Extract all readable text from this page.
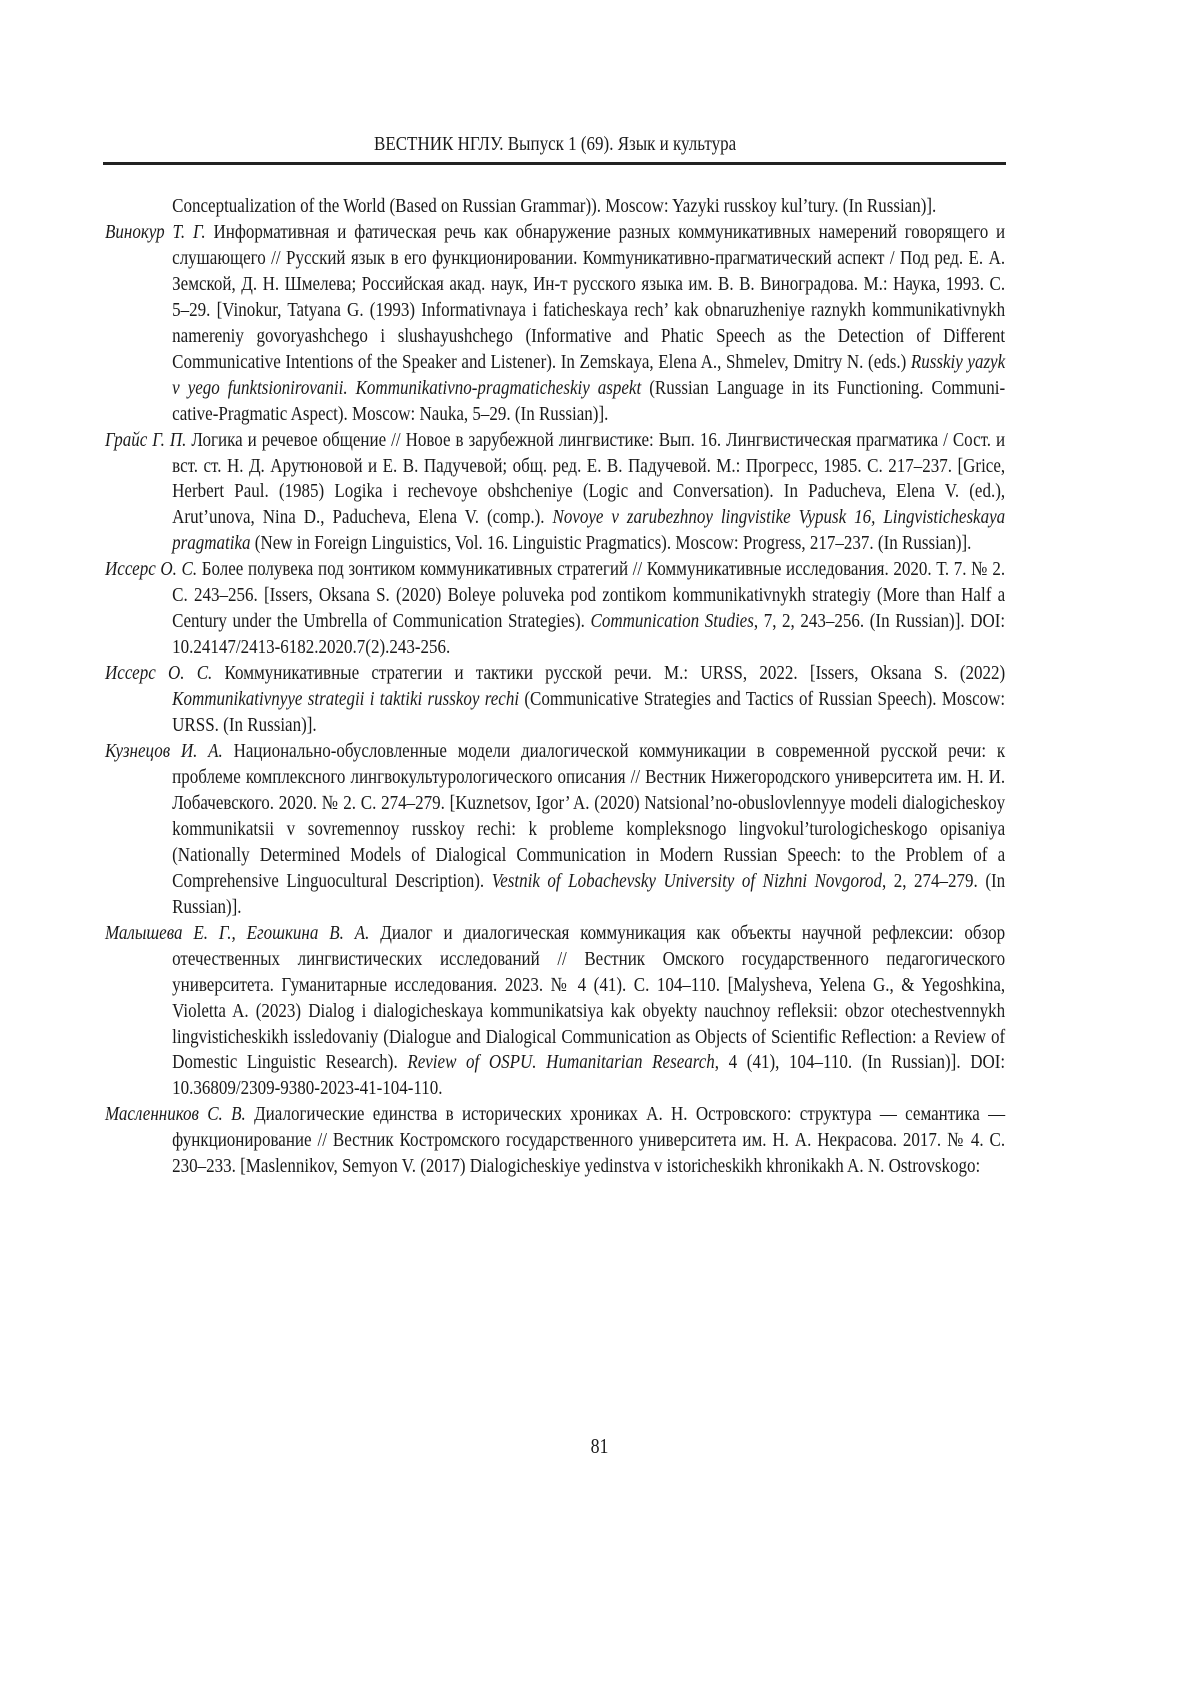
ВЕСТНИК НГЛУ. Выпуск 1 (69). Язык и культура

Conceptualization of the World (Based on Russian Grammar)). Moscow: Yazyki russkoy kul’tury. (In Russian)].

Винокур Т. Г. Информативная и фатическая речь как обнаружение разных коммуникативных намерений говорящего и слушающего // Русский язык в его функционировании. Ком­mуникативно-прагматический аспект / Под ред. Е. А. Земской, Д. Н. Шмелева; Россий­ская акад. наук, Ин-т русского языка им. В. В. Виноградова. М.: Наука, 1993. С. 5–29. [Vinokur, Tatyana G. (1993) Informativnaya i faticheskaya rech’ kak obnaruzheniye raznykh kommunikativnykh namereniy govoryashchego i slushayushchego (Informative and Phatic Speech as the Detection of Different Communicative Intentions of the Speaker and Listener). In Zemskaya, Elena A., Shmelev, Dmitry N. (eds.) Russkiy yazyk v yego funktsionirovanii. Kommunikativno-pragmaticheskiy aspekt (Russian Language in its Functioning. Communi­cative-Pragmatic Aspect). Moscow: Nauka, 5–29. (In Russian)].

Грайс Г. П. Логика и речевое общение // Новое в зарубежной лингвистике: Вып. 16. Лингви­стическая прагматика / Сост. и вст. ст. Н. Д. Арутюновой и Е. В. Падучевой; общ. ред. Е. В. Падучевой. М.: Прогресс, 1985. С. 217–237. [Grice, Herbert Paul. (1985) Logika i rechevoye obshcheniye (Logic and Conversation). In Paducheva, Elena V. (ed.), Arut’unova, Nina D., Paducheva, Elena V. (comp.). Novoye v zarubezhnoy lingvistike Vypusk 16, Lingvisticheskaya pragmatika (New in Foreign Linguistics, Vol. 16. Linguistic Pragmatics). Moscow: Progress, 217–237. (In Russian)].

Иссерс О. С. Более полувека под зонтиком коммуникативных стратегий // Коммуникативные исследования. 2020. Т. 7. № 2. С. 243–256. [Issers, Oksana S. (2020) Boleye poluveka pod zontikom kommunikativnykh strategiy (More than Half a Century under the Umbrella of Communication Strategies). Communication Studies, 7, 2, 243–256. (In Russian)]. DOI: 10.24147/2413-6182.2020.7(2).243-256.

Иссерс О. С. Коммуникативные стратегии и тактики русской речи. М.: URSS, 2022. [Issers, Oksana S. (2022) Kommunikativnyye strategii i taktiki russkoy rechi (Communicative Strate­gies and Tactics of Russian Speech). Moscow: URSS. (In Russian)].

Кузнецов И. А. Национально-обусловленные модели диалогической коммуникации в совре­менной русской речи: к проблеме комплексного лингвокультурологического описа­ния // Вестник Нижегородского университета им. Н. И. Лобачевского. 2020. № 2. С. 274–279. [Kuznetsov, Igor’ A. (2020) Natsional’no-obuslovlennyye modeli dialog­icheskoy kommunikatsii v sovremennoy russkoy rechi: k probleme kompleksnogo lingvokul’turologicheskogo opisaniya (Nationally Determined Models of Dialogical Commu­nication in Modern Russian Speech: to the Problem of a Comprehensive Linguocultural De­scription). Vestnik of Lobachevsky University of Nizhni Novgorod, 2, 274–279. (In Russian)].

Малышева Е. Г., Егошкина В. А. Диалог и диалогическая коммуникация как объекты научной рефлексии: обзор отечественных лингвистических исследований // Вестник Омского государственного педагогического университета. Гуманитарные исследования. 2023. № 4 (41). С. 104–110. [Malysheva, Yelena G., & Yegoshkina, Violetta A. (2023) Dialog i dialogicheskaya kommunikatsiya kak obyekty nauchnoy refleksii: obzor otechestvennykh lingvisticheskikh issledovaniy (Dialogue and Dialogical Communication as Objects of Scien­tific Reflection: a Review of Domestic Linguistic Research). Review of OSPU. Humanitarian Research, 4 (41), 104–110. (In Russian)]. DOI: 10.36809/2309-9380-2023-41-104-110.

Масленников С. В. Диалогические единства в исторических хрониках А. Н. Островского: структура — семантика — функционирование // Вестник Костромского государствен­ного университета им. Н. А. Некрасова. 2017. № 4. С. 230–233. [Maslennikov, Semyon V. (2017) Dialogicheskiye yedinstva v istoricheskikh khronikakh A. N. Ostrovskogo:

81
